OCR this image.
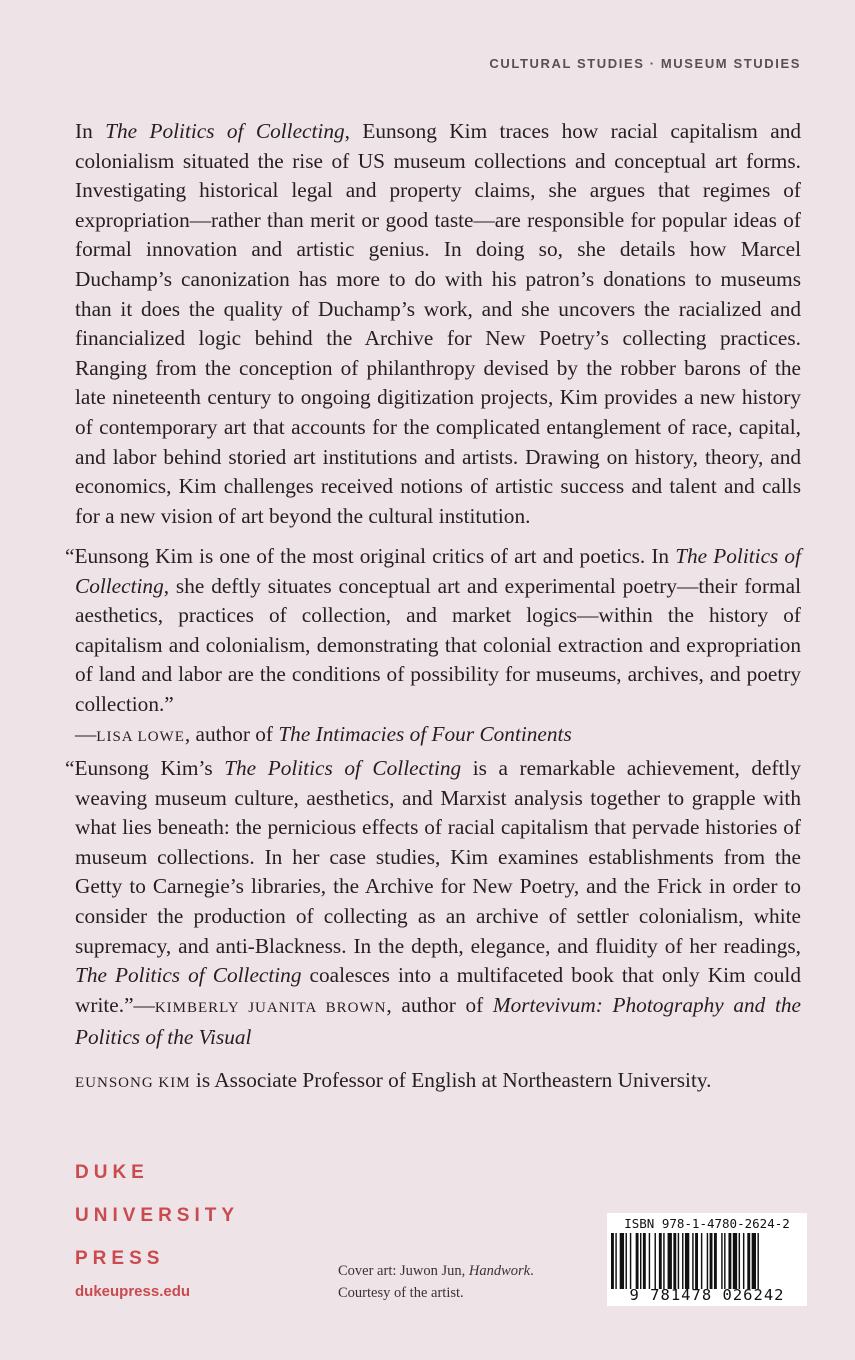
CULTURAL STUDIES · MUSEUM STUDIES
In The Politics of Collecting, Eunsong Kim traces how racial capitalism and colonialism situated the rise of US museum collections and conceptual art forms. Investigating historical legal and property claims, she argues that regimes of expropriation—rather than merit or good taste—are responsible for popular ideas of formal innovation and artistic genius. In doing so, she details how Marcel Duchamp’s canonization has more to do with his patron’s donations to museums than it does the quality of Duchamp’s work, and she uncovers the racialized and financialized logic behind the Archive for New Poetry’s collecting practices. Ranging from the conception of philanthropy devised by the robber barons of the late nineteenth century to ongoing digitization projects, Kim provides a new history of contemporary art that accounts for the complicated entanglement of race, capital, and labor behind storied art institutions and artists. Drawing on history, theory, and economics, Kim challenges received notions of artistic success and talent and calls for a new vision of art beyond the cultural institution.
“Eunsong Kim is one of the most original critics of art and poetics. In The Politics of Collecting, she deftly situates conceptual art and experimental poetry—their formal aesthetics, practices of collection, and market logics—within the history of capitalism and colonialism, demonstrating that colonial extraction and expropriation of land and labor are the conditions of possibility for museums, archives, and poetry collection.”
—LISA LOWE, author of The Intimacies of Four Continents
“Eunsong Kim’s The Politics of Collecting is a remarkable achievement, deftly weaving museum culture, aesthetics, and Marxist analysis together to grapple with what lies beneath: the pernicious effects of racial capitalism that pervade histories of museum collections. In her case studies, Kim examines establishments from the Getty to Carnegie’s libraries, the Archive for New Poetry, and the Frick in order to consider the production of collecting as an archive of settler colonialism, white supremacy, and anti-Blackness. In the depth, elegance, and fluidity of her readings, The Politics of Collecting coalesces into a multifaceted book that only Kim could write.”—KIMBERLY JUANITA BROWN, author of Mortevivum: Photography and the Politics of the Visual
EUNSONG KIM is Associate Professor of English at Northeastern University.
DUKE
UNIVERSITY
PRESS
dukeupress.edu
Cover art: Juwon Jun, Handwork.
Courtesy of the artist.
ISBN 978-1-4780-2624-2
9 781478 026242
